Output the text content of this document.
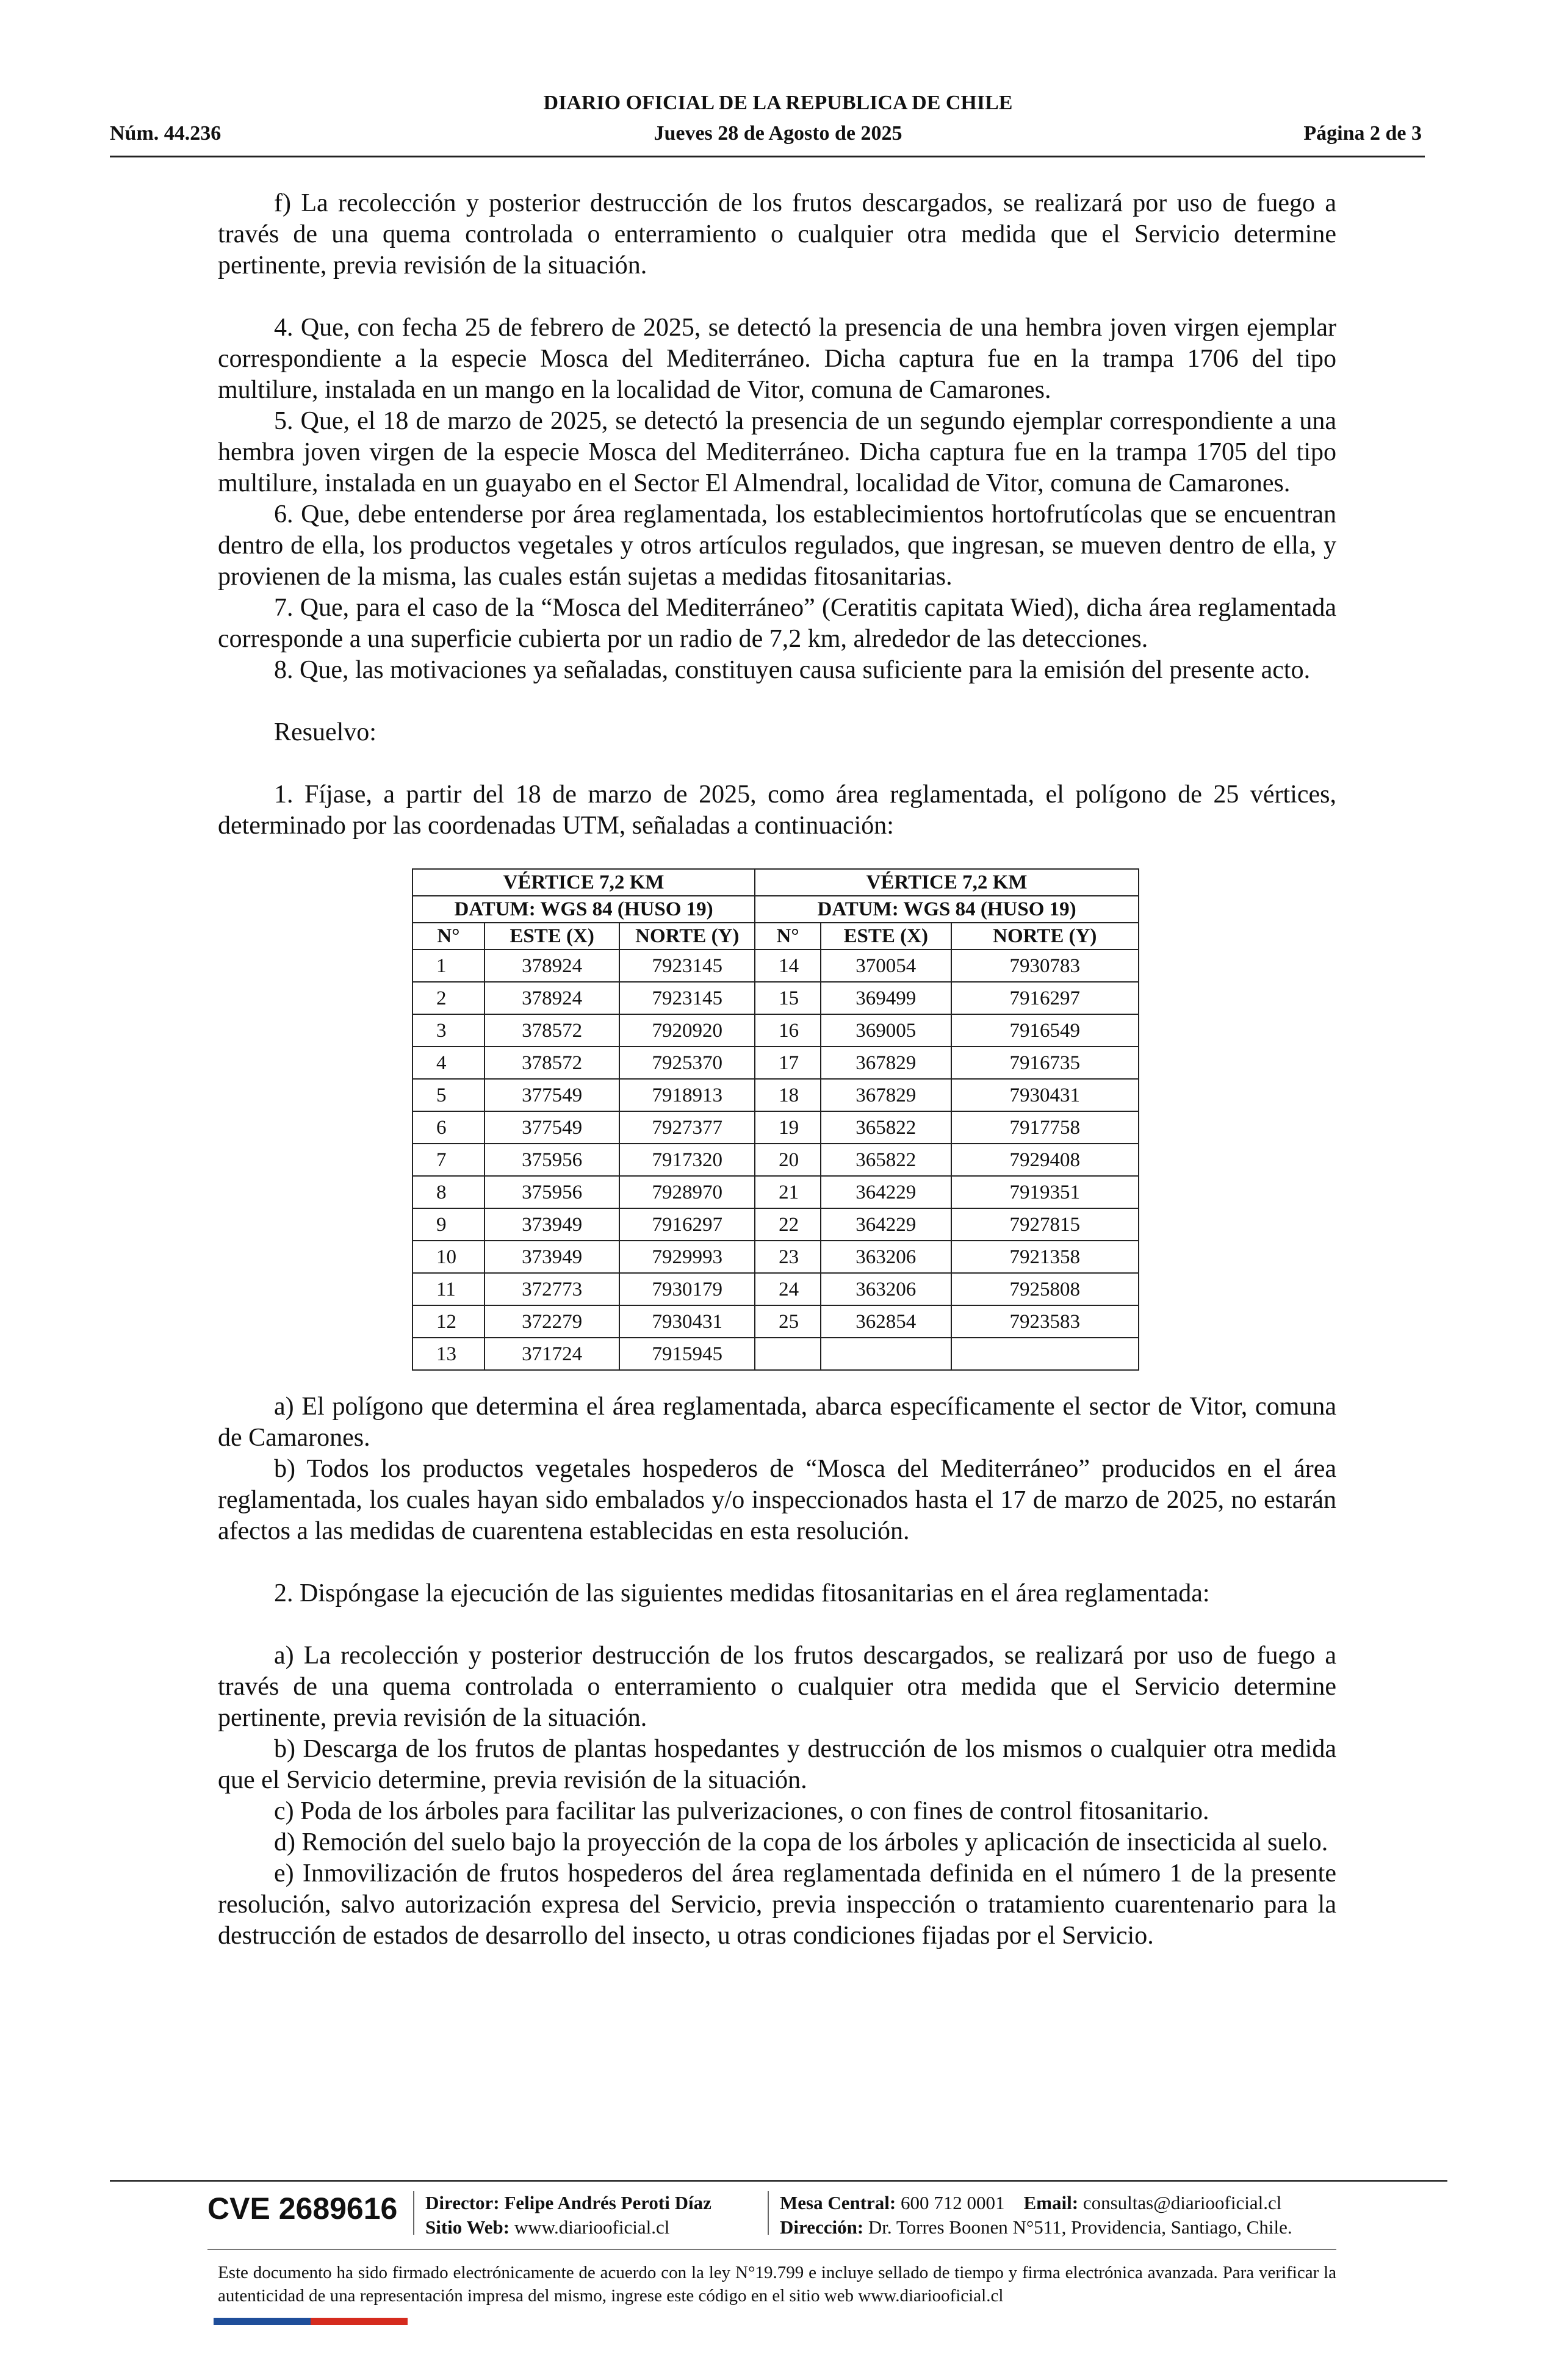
DIARIO OFICIAL DE LA REPUBLICA DE CHILE
Núm. 44.236	Jueves 28 de Agosto de 2025	Página 2 de 3

f) La recolección y posterior destrucción de los frutos descargados, se realizará por uso de fuego a través de una quema controlada o enterramiento o cualquier otra medida que el Servicio determine pertinente, previa revisión de la situación.

4. Que, con fecha 25 de febrero de 2025, se detectó la presencia de una hembra joven virgen ejemplar correspondiente a la especie Mosca del Mediterráneo. Dicha captura fue en la trampa 1706 del tipo multilure, instalada en un mango en la localidad de Vitor, comuna de Camarones.

5. Que, el 18 de marzo de 2025, se detectó la presencia de un segundo ejemplar correspondiente a una hembra joven virgen de la especie Mosca del Mediterráneo. Dicha captura fue en la trampa 1705 del tipo multilure, instalada en un guayabo en el Sector El Almendral, localidad de Vitor, comuna de Camarones.

6. Que, debe entenderse por área reglamentada, los establecimientos hortofrutícolas que se encuentran dentro de ella, los productos vegetales y otros artículos regulados, que ingresan, se mueven dentro de ella, y provienen de la misma, las cuales están sujetas a medidas fitosanitarias.

7. Que, para el caso de la “Mosca del Mediterráneo” (Ceratitis capitata Wied), dicha área reglamentada corresponde a una superficie cubierta por un radio de 7,2 km, alrededor de las detecciones.

8. Que, las motivaciones ya señaladas, constituyen causa suficiente para la emisión del presente acto.

Resuelvo:

1. Fíjase, a partir del 18 de marzo de 2025, como área reglamentada, el polígono de 25 vértices, determinado por las coordenadas UTM, señaladas a continuación:

VÉRTICE 7,2 KM			VÉRTICE 7,2 KM		
DATUM: WGS 84 (HUSO 19)			DATUM: WGS 84 (HUSO 19)		
N°	ESTE (X)	NORTE (Y)	N°	ESTE (X)	NORTE (Y)
1	378924	7923145	14	370054	7930783
2	378924	7923145	15	369499	7916297
3	378572	7920920	16	369005	7916549
4	378572	7925370	17	367829	7916735
5	377549	7918913	18	367829	7930431
6	377549	7927377	19	365822	7917758
7	375956	7917320	20	365822	7929408
8	375956	7928970	21	364229	7919351
9	373949	7916297	22	364229	7927815
10	373949	7929993	23	363206	7921358
11	372773	7930179	24	363206	7925808
12	372279	7930431	25	362854	7923583
13	371724	7915945			

a) El polígono que determina el área reglamentada, abarca específicamente el sector de Vitor, comuna de Camarones.

b) Todos los productos vegetales hospederos de “Mosca del Mediterráneo” producidos en el área reglamentada, los cuales hayan sido embalados y/o inspeccionados hasta el 17 de marzo de 2025, no estarán afectos a las medidas de cuarentena establecidas en esta resolución.

2. Dispóngase la ejecución de las siguientes medidas fitosanitarias en el área reglamentada:

a) La recolección y posterior destrucción de los frutos descargados, se realizará por uso de fuego a través de una quema controlada o enterramiento o cualquier otra medida que el Servicio determine pertinente, previa revisión de la situación.

b) Descarga de los frutos de plantas hospedantes y destrucción de los mismos o cualquier otra medida que el Servicio determine, previa revisión de la situación.

c) Poda de los árboles para facilitar las pulverizaciones, o con fines de control fitosanitario.

d) Remoción del suelo bajo la proyección de la copa de los árboles y aplicación de insecticida al suelo.

e) Inmovilización de frutos hospederos del área reglamentada definida en el número 1 de la presente resolución, salvo autorización expresa del Servicio, previa inspección o tratamiento cuarentenario para la destrucción de estados de desarrollo del insecto, u otras condiciones fijadas por el Servicio.

CVE 2689616 Director: Felipe Andrés Peroti Díaz
Sitio Web: www.diariooficial.cl
Mesa Central: 600 712 0001 Email: consultas@diariooficial.cl
Dirección: Dr. Torres Boonen N°511, Providencia, Santiago, Chile.
Este documento ha sido firmado electrónicamente de acuerdo con la ley N°19.799 e incluye sellado de tiempo y firma electrónica avanzada. Para verificar la autenticidad de una representación impresa del mismo, ingrese este código en el sitio web www.diariooficial.cl
